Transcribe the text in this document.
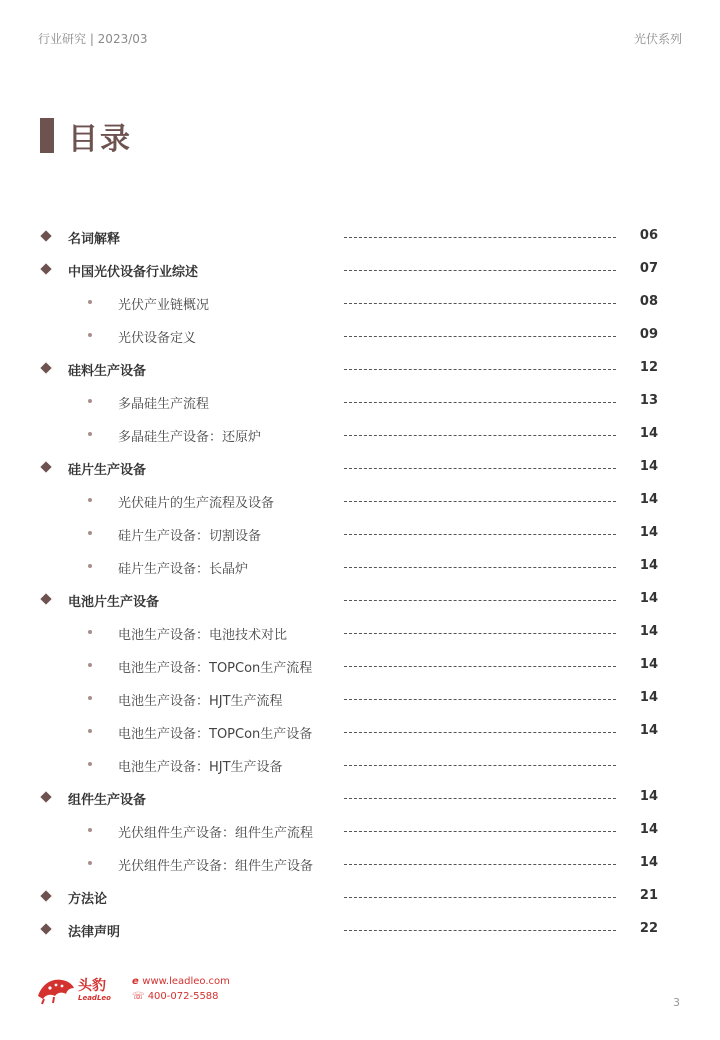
行业研究 | 2023/03	光伏系列
目录
名词解释	06
中国光伏设备行业综述	07
光伏产业链概况	08
光伏设备定义	09
硅料生产设备	12
多晶硅生产流程	13
多晶硅生产设备：还原炉	14
硅片生产设备	14
光伏硅片的生产流程及设备	14
硅片生产设备：切割设备	14
硅片生产设备：长晶炉	14
电池片生产设备	14
电池生产设备：电池技术对比	14
电池生产设备：TOPCon生产流程	14
电池生产设备：HJT生产流程	14
电池生产设备：TOPCon生产设备	14
电池生产设备：HJT生产设备
组件生产设备	14
光伏组件生产设备：组件生产流程	14
光伏组件生产设备：组件生产设备	14
方法论	21
法律声明	22
头豹
LeadLeo
e www.leadleo.com
☏ 400-072-5588	3
